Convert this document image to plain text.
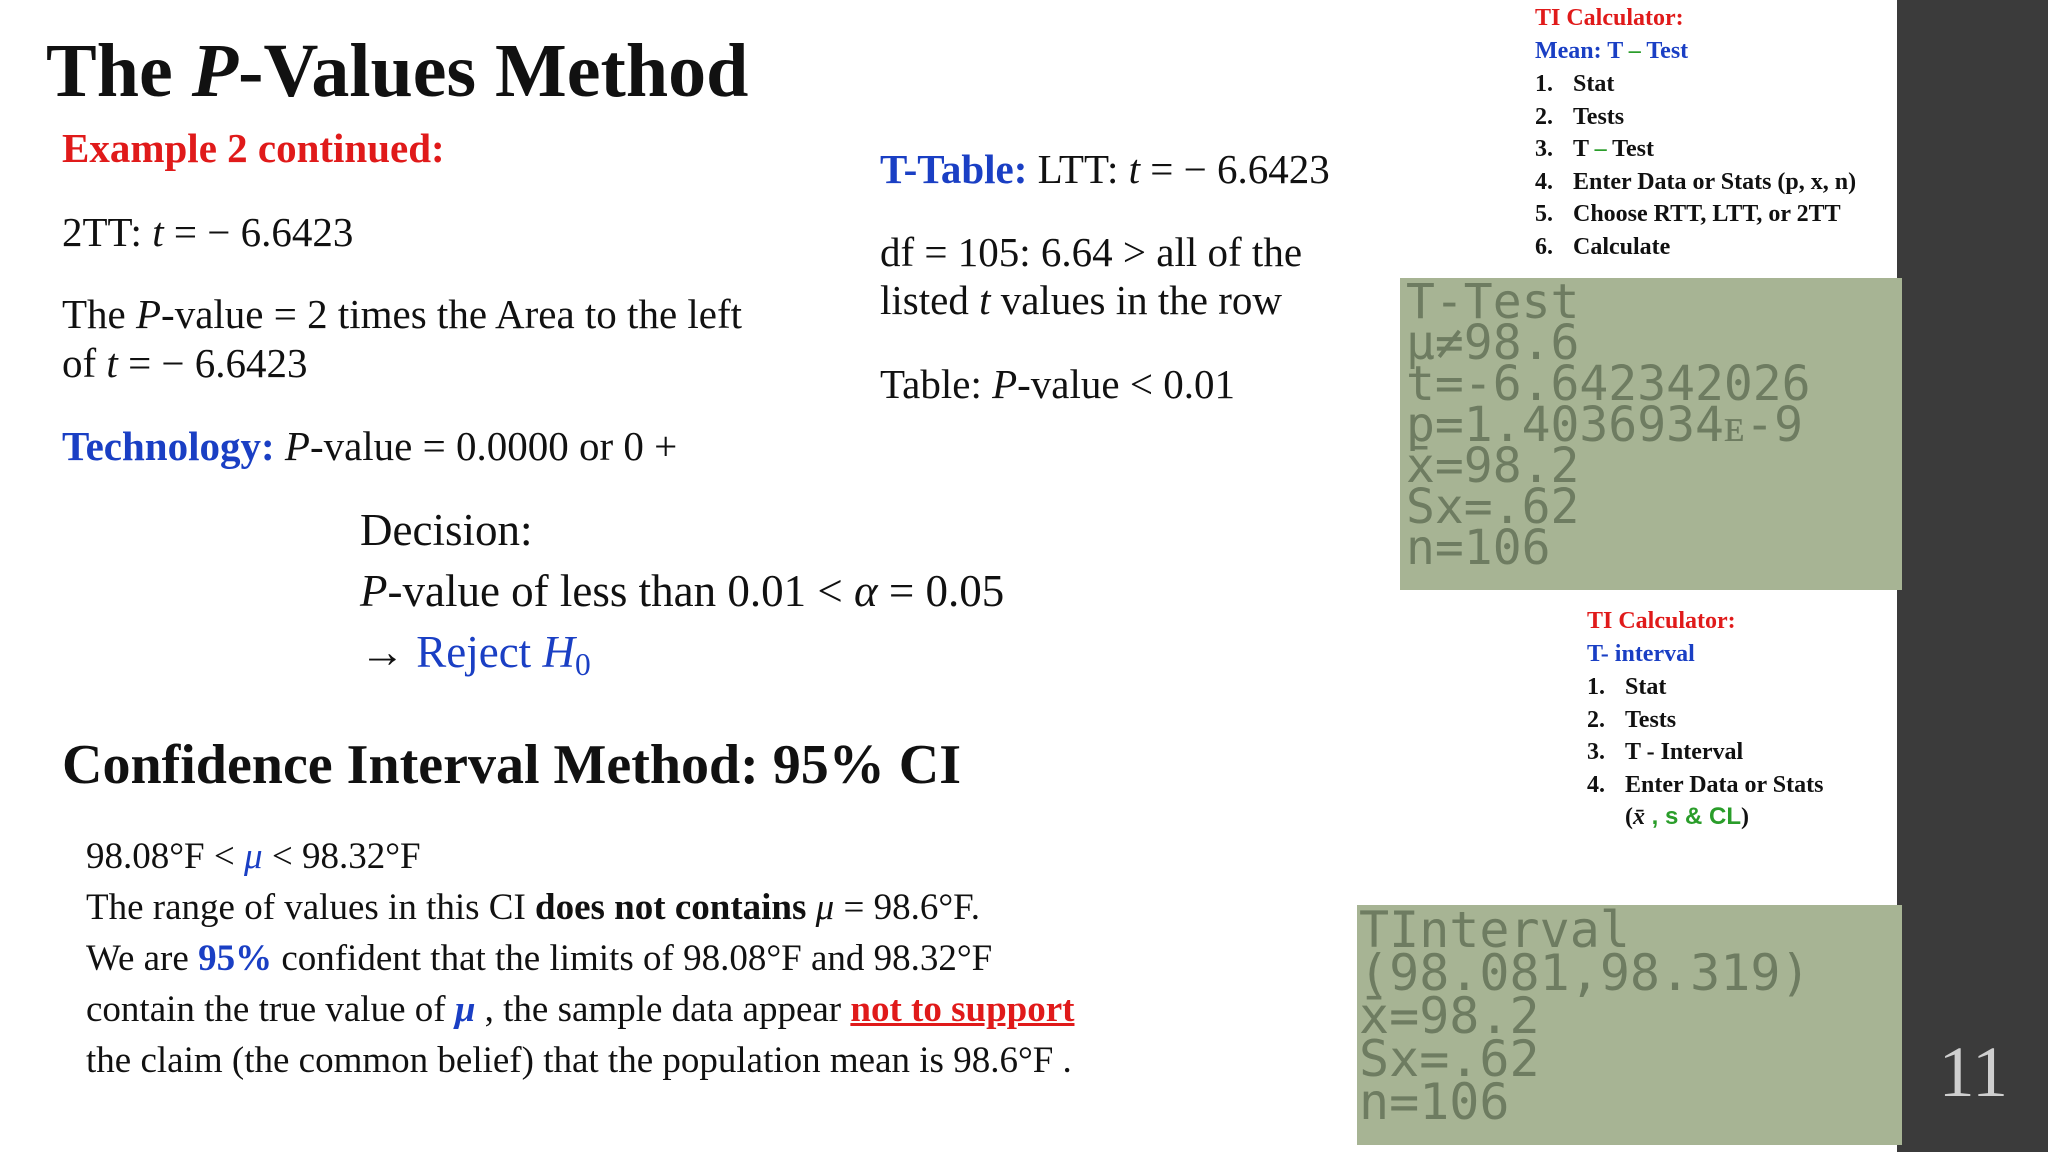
11
The P-Values Method
Example 2 continued:
2TT: t = − 6.6423
The P-value = 2 times the Area to the left
of t = − 6.6423
Technology: P-value = 0.0000 or 0 +
T-Table: LTT: t = − 6.6423
df = 105: 6.64 > all of the
listed t values in the row
Table: P-value < 0.01
Decision:
P-value of less than 0.01 < α = 0.05
→ Reject $H_0$
Confidence Interval Method: 95% CI
98.08°F < μ < 98.32°F
The range of values in this CI does not contains μ = 98.6°F.
We are 95% confident that the limits of 98.08°F and 98.32°F
contain the true value of μ , the sample data appear not to support
the claim (the common belief) that the population mean is 98.6°F .
TI Calculator:
Mean: T – Test
1. Stat
2. Tests
3. T – Test
4. Enter Data or Stats (p, x, n)
5. Choose RTT, LTT, or 2TT
6. Calculate
T-Test
μ≠98.6
t=-6.642342026
p=1.4036934ᴇ-9
x̄=98.2
Sx=.62
n=106
TI Calculator:
T- interval
1. Stat
2. Tests
3. T - Interval
4. Enter Data or Stats
(x̄ , s & CL)
TInterval
(98.081,98.319)
x̄=98.2
Sx=.62
n=106
